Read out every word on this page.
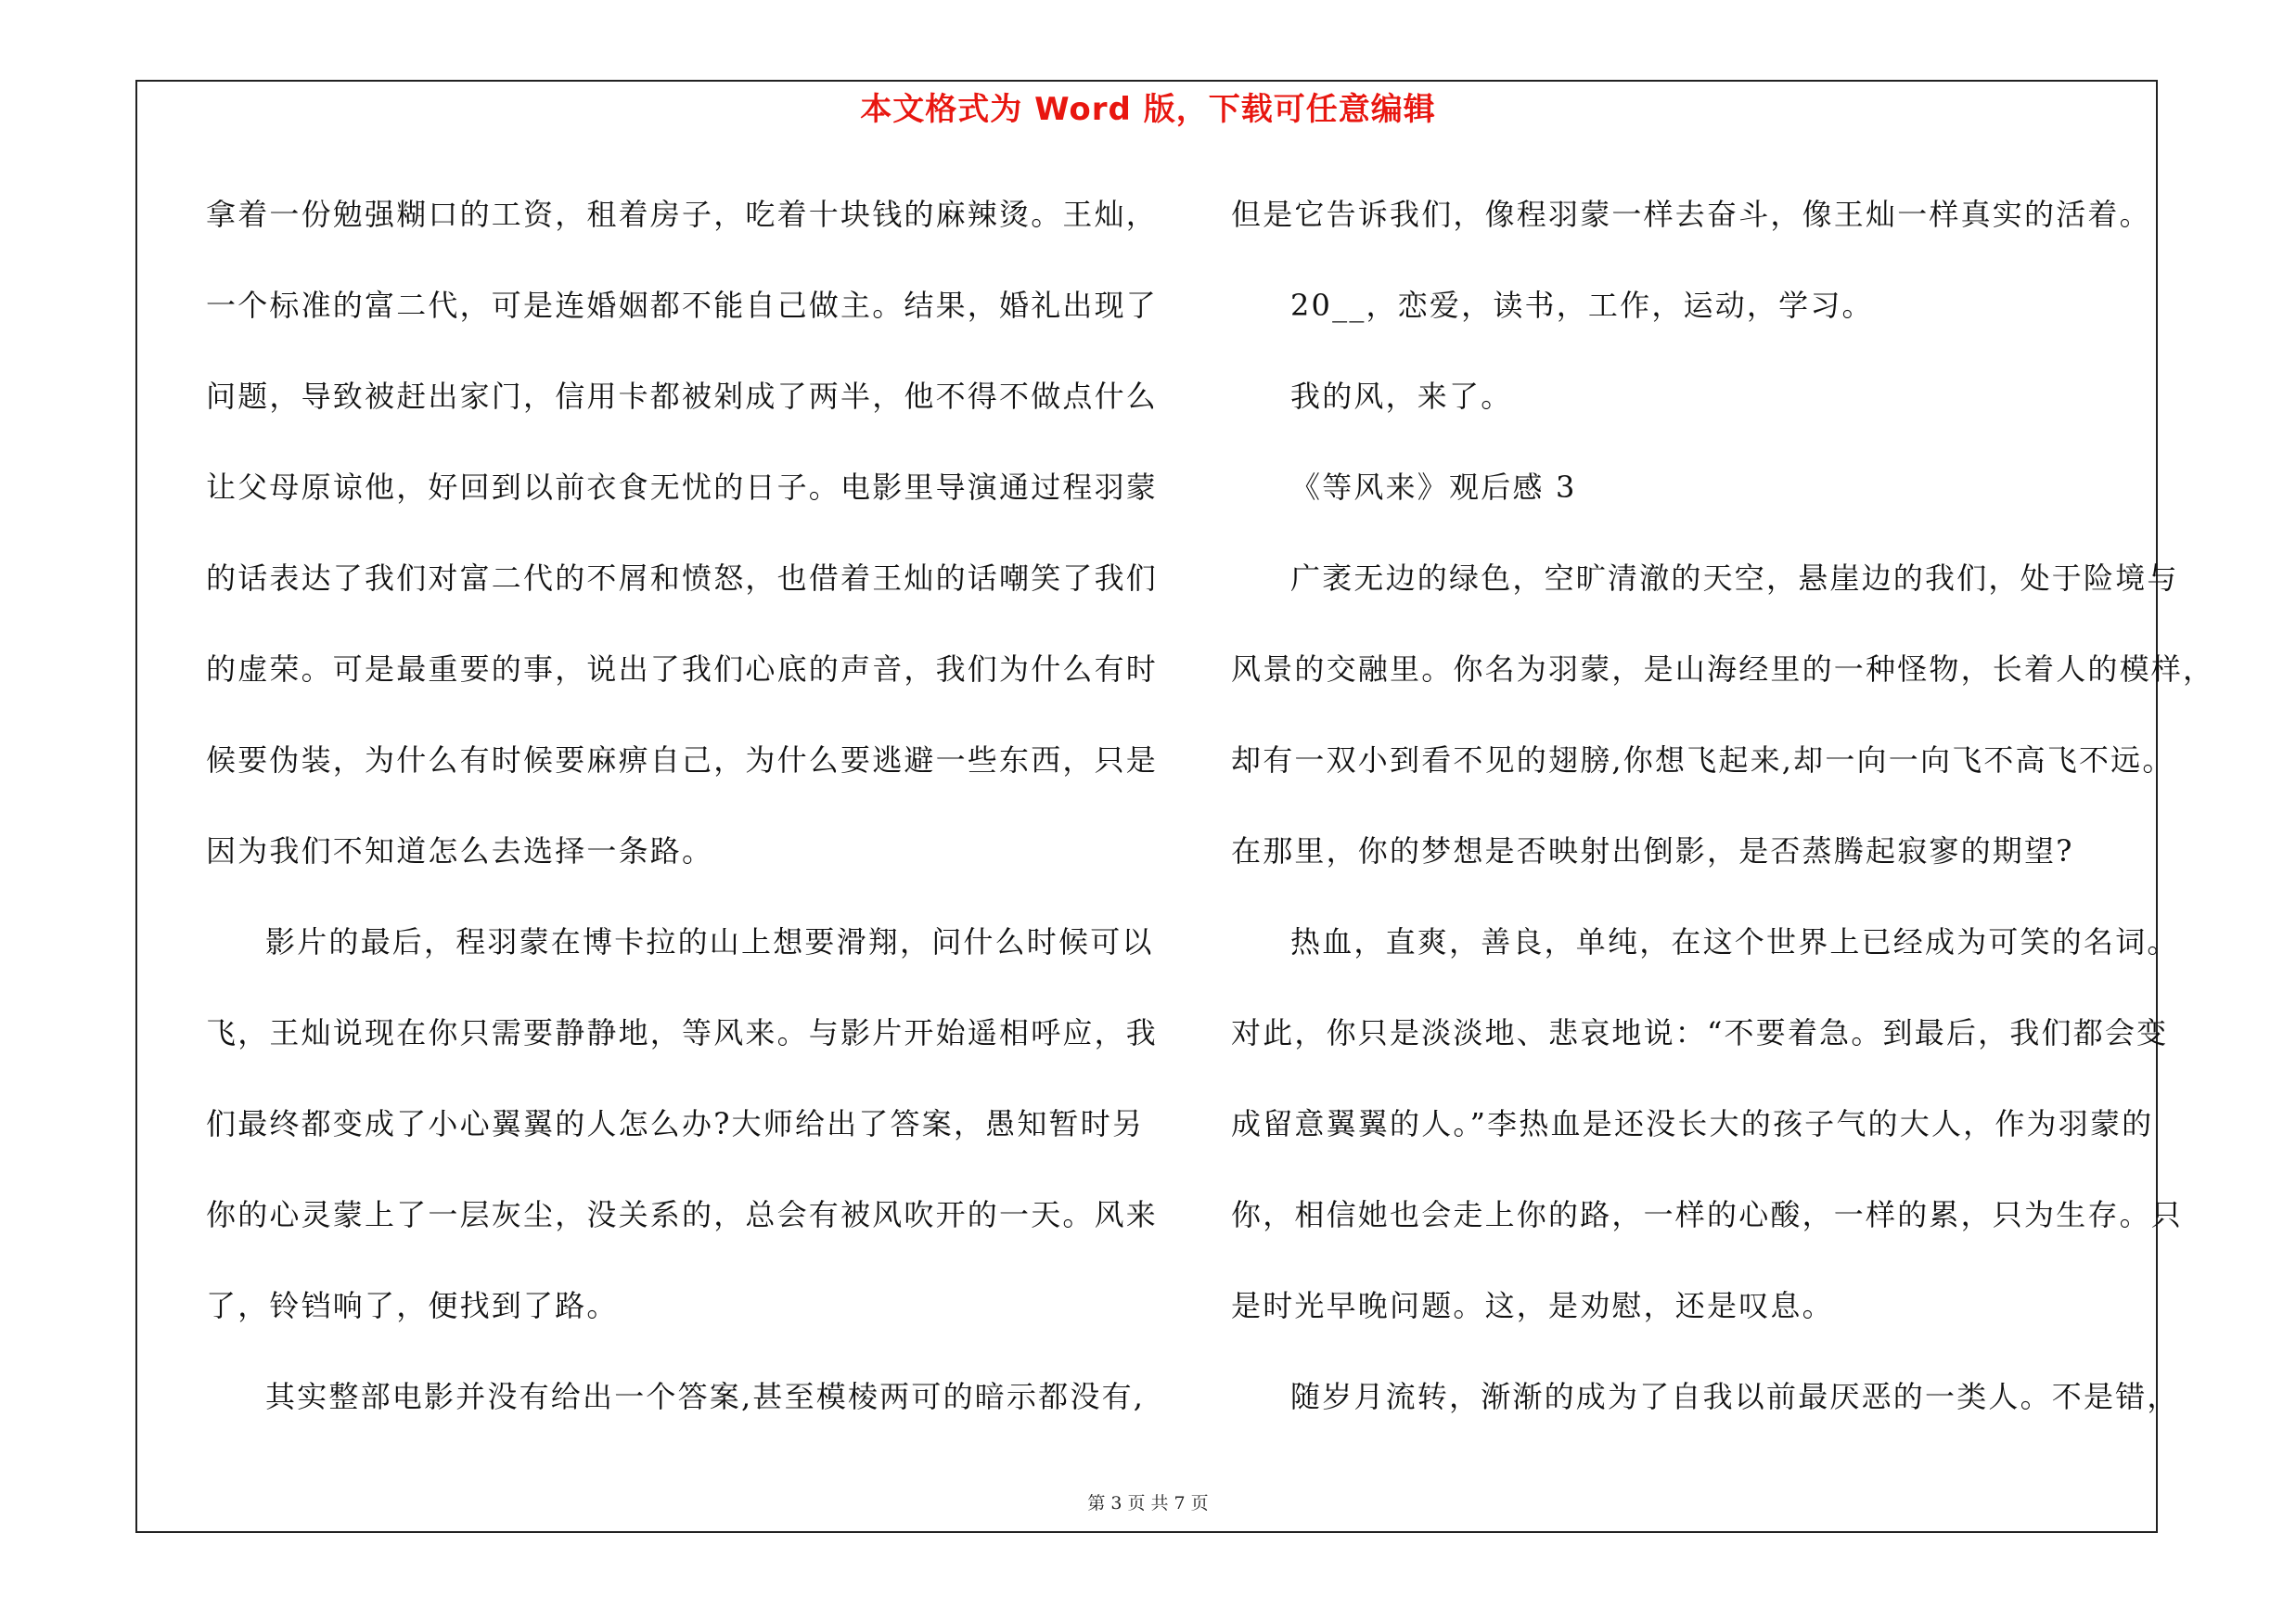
本文格式为 Word 版，下载可任意编辑
拿着一份勉强糊口的工资，租着房子，吃着十块钱的麻辣烫。王灿，
一个标准的富二代，可是连婚姻都不能自己做主。结果，婚礼出现了
问题，导致被赶出家门，信用卡都被剁成了两半，他不得不做点什么
让父母原谅他，好回到以前衣食无忧的日子。电影里导演通过程羽蒙
的话表达了我们对富二代的不屑和愤怒，也借着王灿的话嘲笑了我们
的虚荣。可是最重要的事，说出了我们心底的声音，我们为什么有时
候要伪装，为什么有时候要麻痹自己，为什么要逃避一些东西，只是
因为我们不知道怎么去选择一条路。
影片的最后，程羽蒙在博卡拉的山上想要滑翔，问什么时候可以
飞，王灿说现在你只需要静静地，等风来。与影片开始遥相呼应，我
们最终都变成了小心翼翼的人怎么办?大师给出了答案，愚知暂时另
你的心灵蒙上了一层灰尘，没关系的，总会有被风吹开的一天。风来
了，铃铛响了，便找到了路。
其实整部电影并没有给出一个答案,甚至模棱两可的暗示都没有,
但是它告诉我们，像程羽蒙一样去奋斗，像王灿一样真实的活着。
20__，恋爱，读书，工作，运动，学习。
我的风，来了。
《等风来》观后感 3
广袤无边的绿色，空旷清澈的天空，悬崖边的我们，处于险境与
风景的交融里。你名为羽蒙，是山海经里的一种怪物，长着人的模样，
却有一双小到看不见的翅膀,你想飞起来,却一向一向飞不高飞不远。
在那里，你的梦想是否映射出倒影，是否蒸腾起寂寥的期望?
热血，直爽，善良，单纯，在这个世界上已经成为可笑的名词。
对此，你只是淡淡地、悲哀地说：“不要着急。到最后，我们都会变
成留意翼翼的人。”李热血是还没长大的孩子气的大人，作为羽蒙的
你，相信她也会走上你的路，一样的心酸，一样的累，只为生存。只
是时光早晚问题。这，是劝慰，还是叹息。
随岁月流转，渐渐的成为了自我以前最厌恶的一类人。不是错，
第 3 页 共 7 页
